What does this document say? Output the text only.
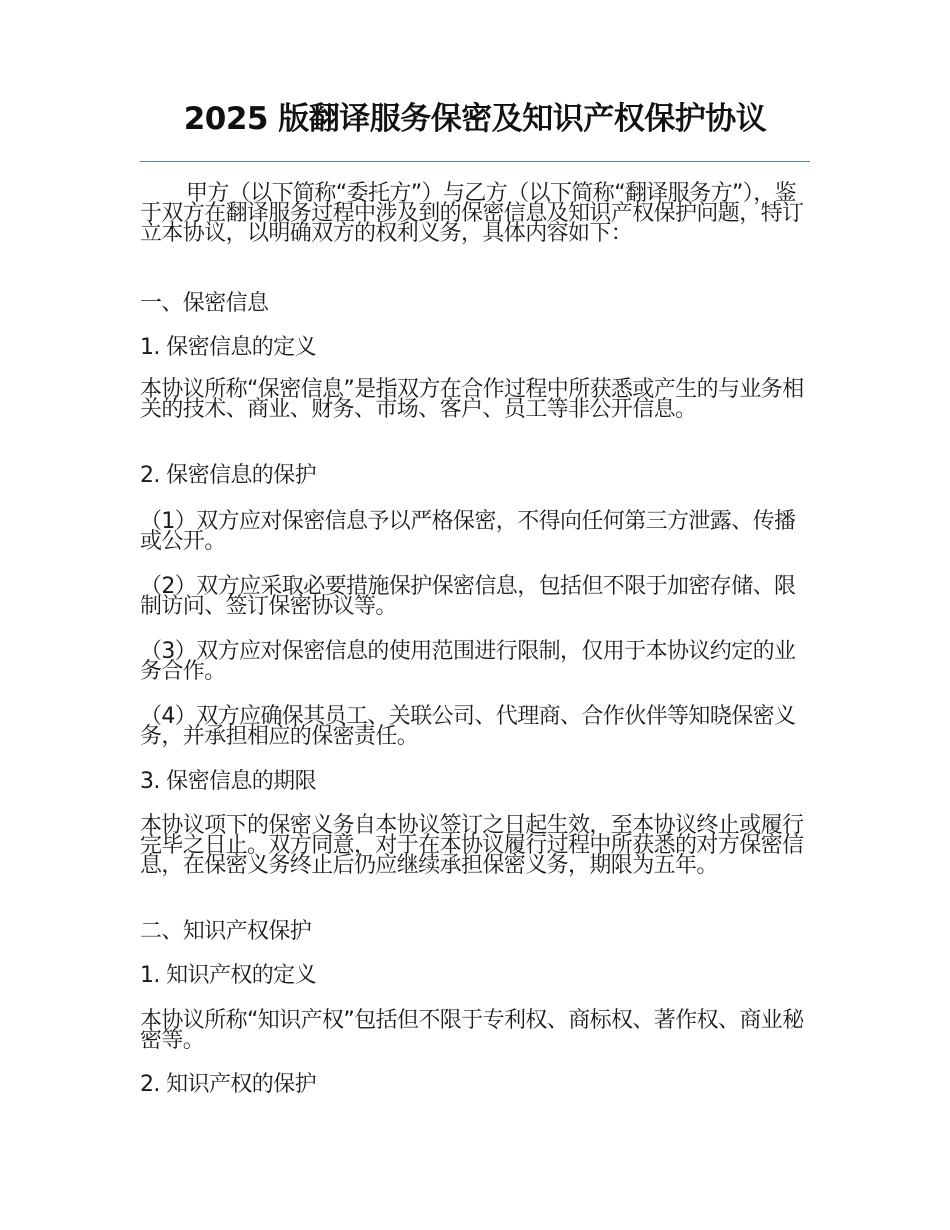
2025 版翻译服务保密及知识产权保护协议

甲方（以下简称“委托方”）与乙方（以下简称“翻译服务方”），鉴于双方在翻译服务过程中涉及到的保密信息及知识产权保护问题，特订立本协议，以明确双方的权利义务，具体内容如下：

一、保密信息

1. 保密信息的定义

本协议所称“保密信息”是指双方在合作过程中所获悉或产生的与业务相关的技术、商业、财务、市场、客户、员工等非公开信息。

2. 保密信息的保护

（1）双方应对保密信息予以严格保密，不得向任何第三方泄露、传播或公开。

（2）双方应采取必要措施保护保密信息，包括但不限于加密存储、限制访问、签订保密协议等。

（3）双方应对保密信息的使用范围进行限制，仅用于本协议约定的业务合作。

（4）双方应确保其员工、关联公司、代理商、合作伙伴等知晓保密义务，并承担相应的保密责任。

3. 保密信息的期限

本协议项下的保密义务自本协议签订之日起生效，至本协议终止或履行完毕之日止。双方同意，对于在本协议履行过程中所获悉的对方保密信息，在保密义务终止后仍应继续承担保密义务，期限为五年。

二、知识产权保护

1. 知识产权的定义

本协议所称“知识产权”包括但不限于专利权、商标权、著作权、商业秘密等。

2. 知识产权的保护
